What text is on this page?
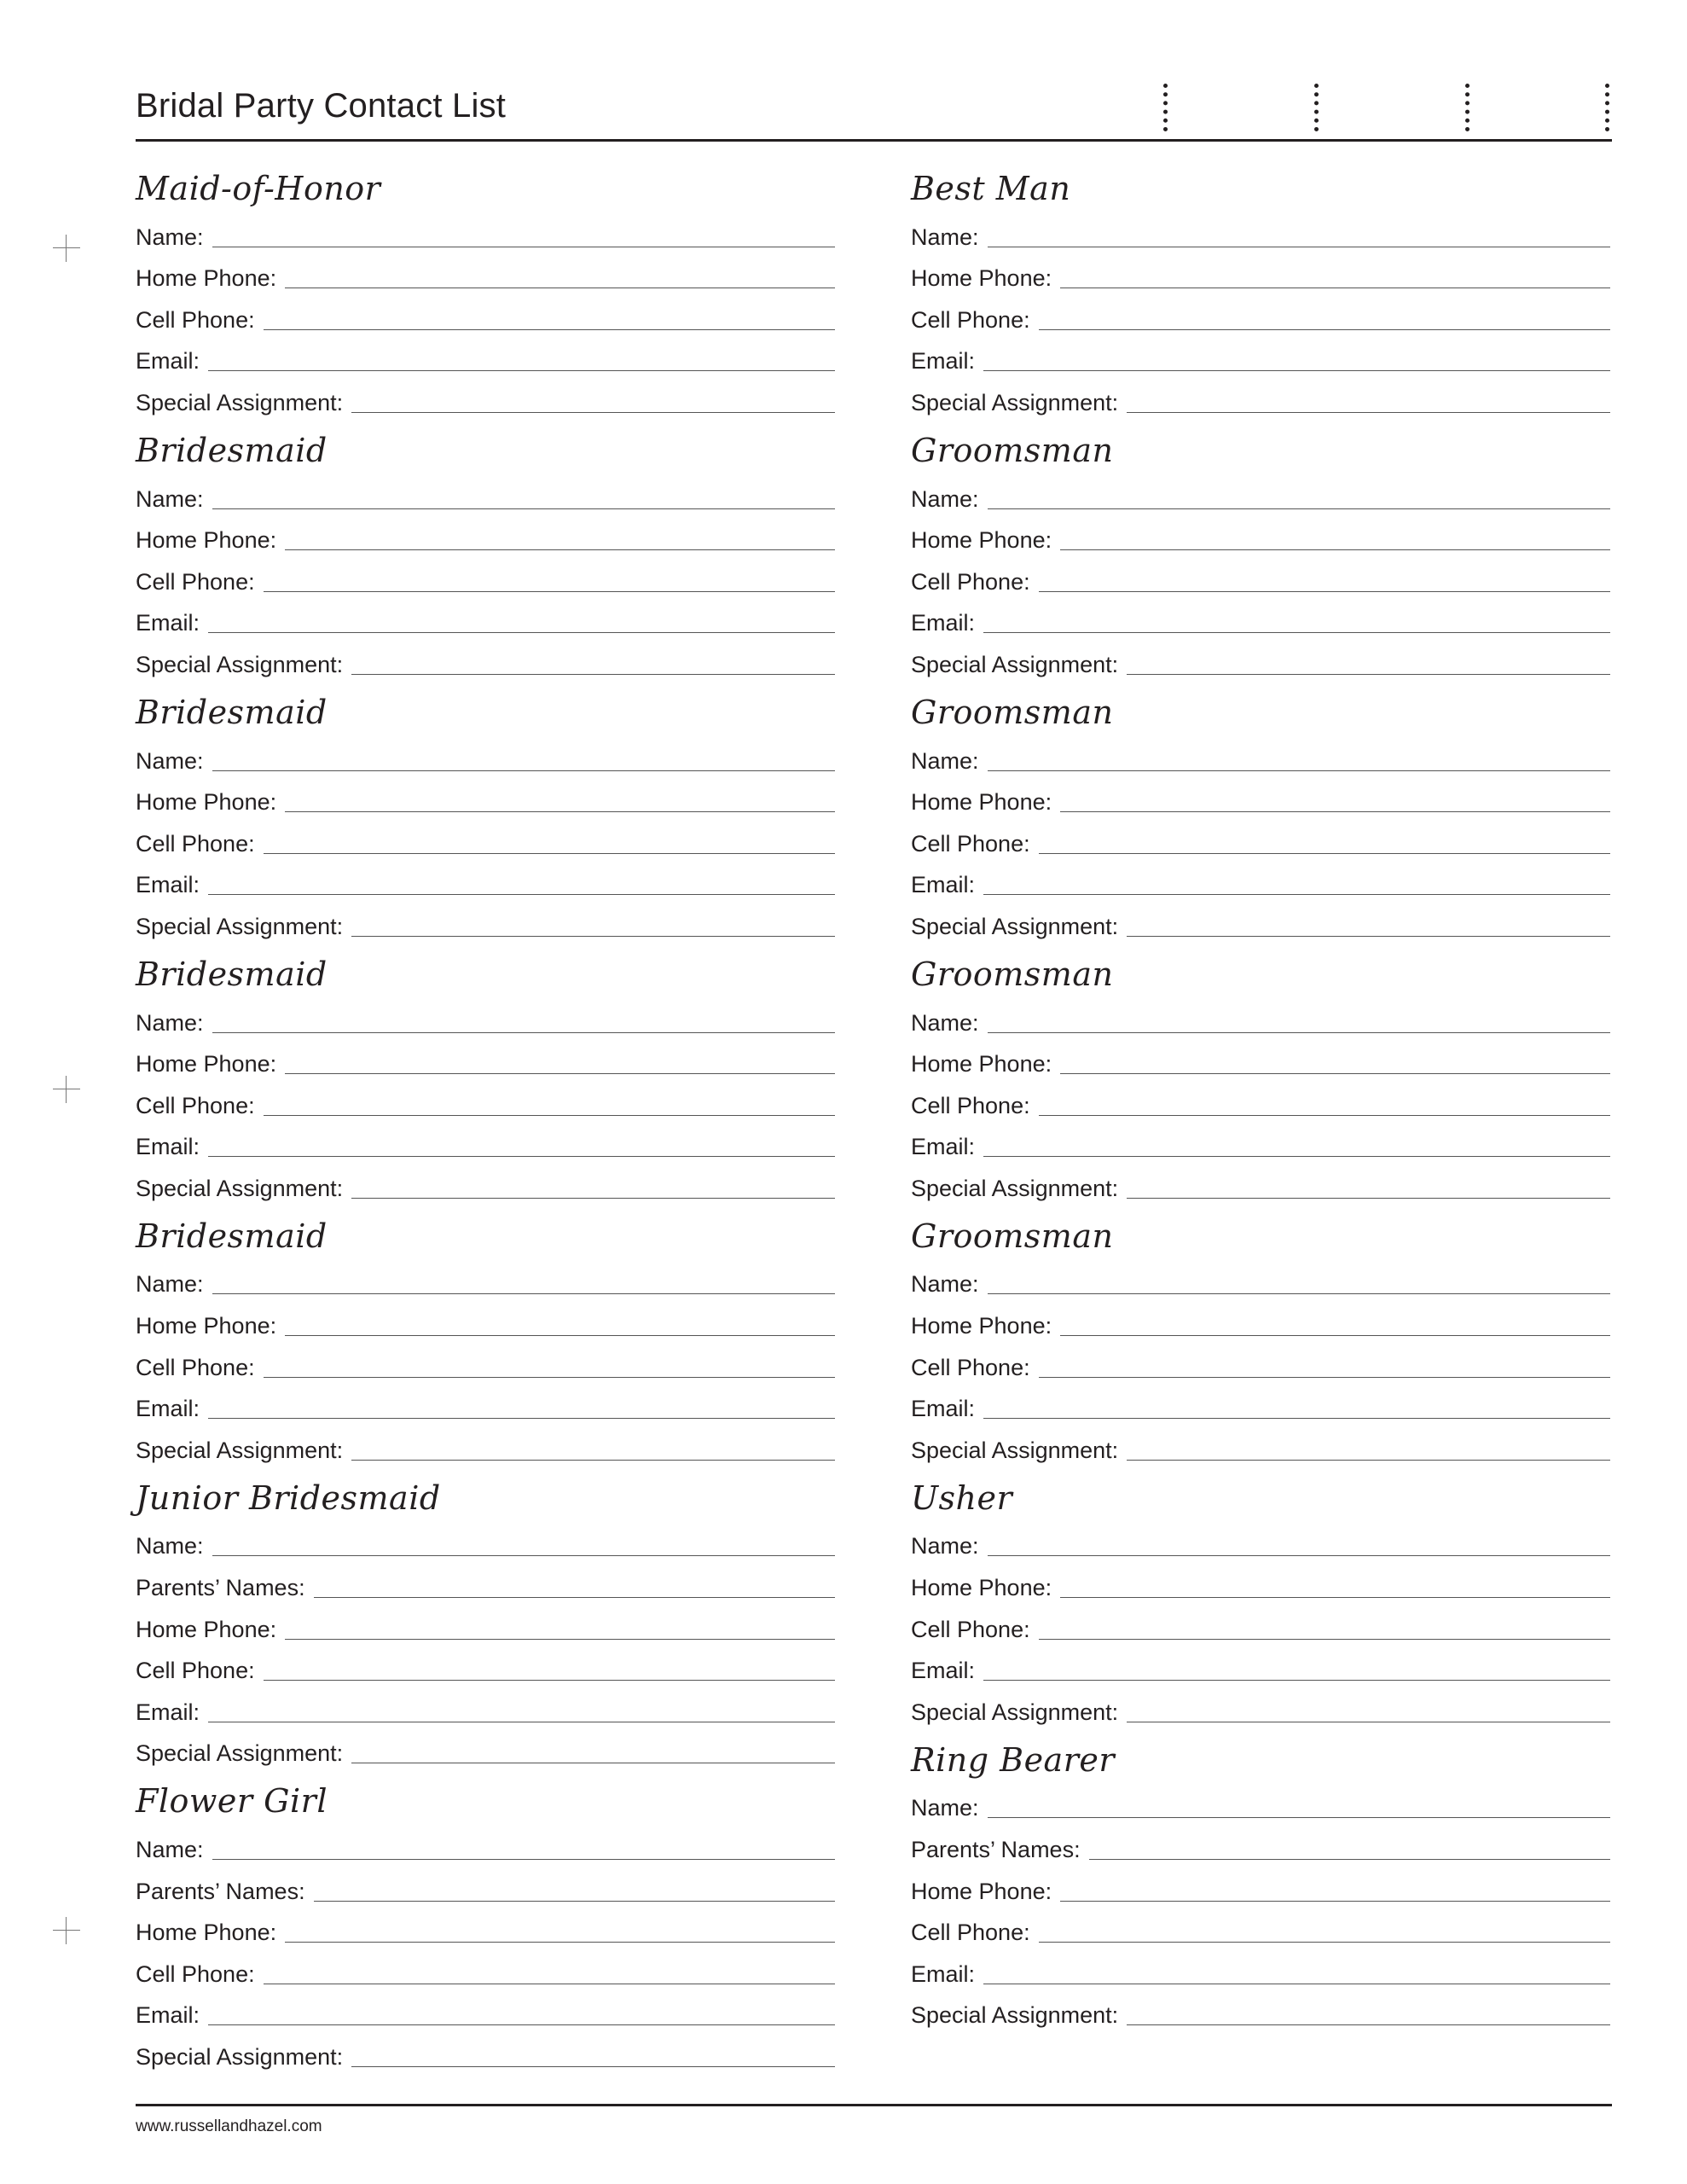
Bridal Party Contact List
Maid-of-Honor
Name:
Home Phone:
Cell Phone:
Email:
Special Assignment:
Bridesmaid
Name:
Home Phone:
Cell Phone:
Email:
Special Assignment:
Bridesmaid
Name:
Home Phone:
Cell Phone:
Email:
Special Assignment:
Bridesmaid
Name:
Home Phone:
Cell Phone:
Email:
Special Assignment:
Bridesmaid
Name:
Home Phone:
Cell Phone:
Email:
Special Assignment:
Junior Bridesmaid
Name:
Parents’ Names:
Home Phone:
Cell Phone:
Email:
Special Assignment:
Flower Girl
Name:
Parents’ Names:
Home Phone:
Cell Phone:
Email:
Special Assignment:
Best Man
Name:
Home Phone:
Cell Phone:
Email:
Special Assignment:
Groomsman
Name:
Home Phone:
Cell Phone:
Email:
Special Assignment:
Groomsman
Name:
Home Phone:
Cell Phone:
Email:
Special Assignment:
Groomsman
Name:
Home Phone:
Cell Phone:
Email:
Special Assignment:
Groomsman
Name:
Home Phone:
Cell Phone:
Email:
Special Assignment:
Usher
Name:
Home Phone:
Cell Phone:
Email:
Special Assignment:
Ring Bearer
Name:
Parents’ Names:
Home Phone:
Cell Phone:
Email:
Special Assignment:
www.russellandhazel.com
